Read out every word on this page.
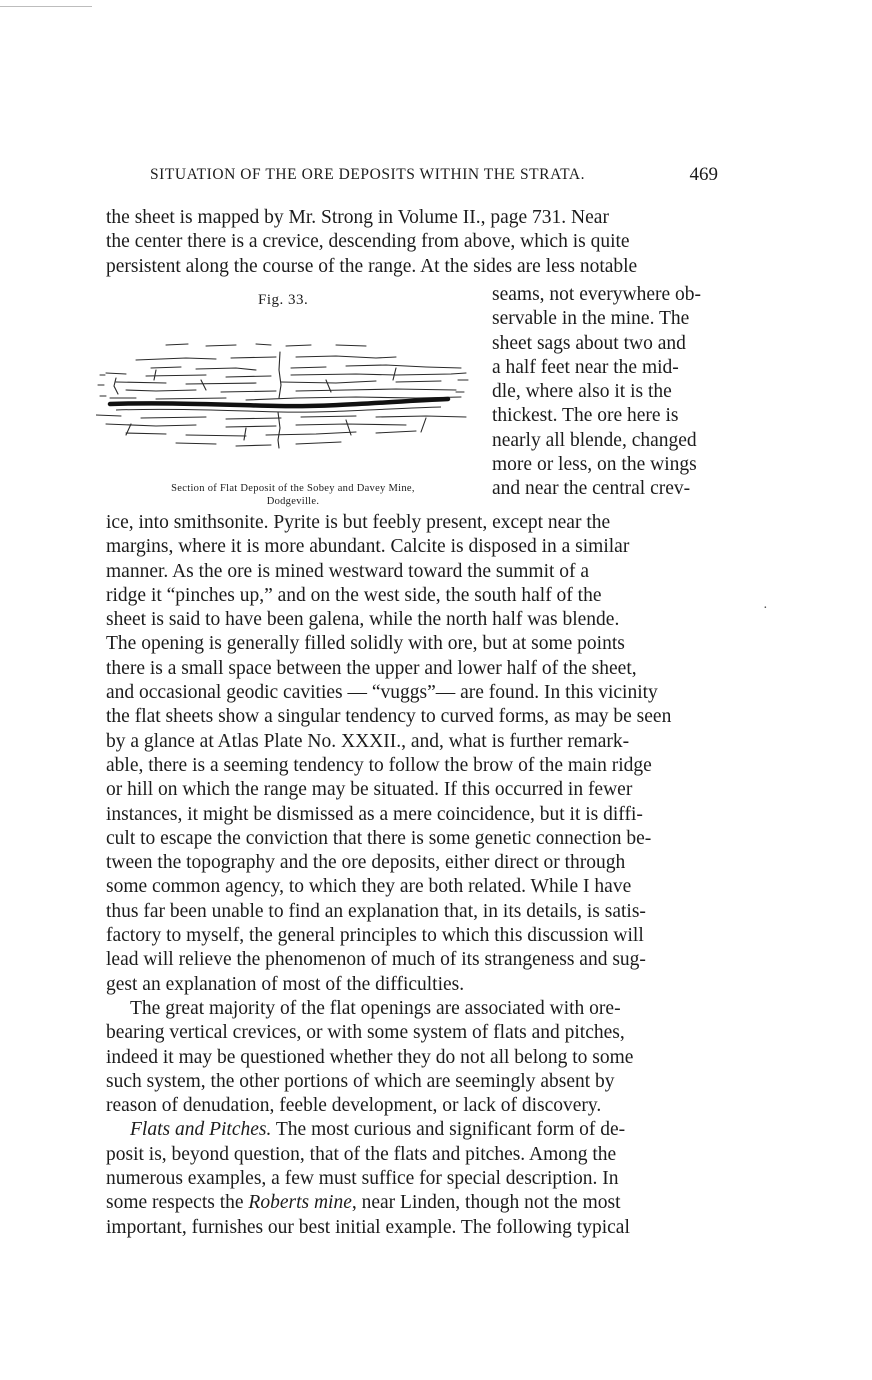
SITUATION OF THE ORE DEPOSITS WITHIN THE STRATA.	469
the sheet is mapped by Mr. Strong in Volume II., page 731. Near
the center there is a crevice, descending from above, which is quite
persistent along the course of the range. At the sides are less notable
Fig. 33.
Section of Flat Deposit of the Sobey and Davey Mine,
Dodgeville.
seams, not everywhere ob-
servable in the mine. The
sheet sags about two and
a half feet near the mid-
dle, where also it is the
thickest. The ore here is
nearly all blende, changed
more or less, on the wings
and near the central crev-
ice, into smithsonite. Pyrite is but feebly present, except near the
margins, where it is more abundant. Calcite is disposed in a similar
manner. As the ore is mined westward toward the summit of a
ridge it “pinches up,” and on the west side, the south half of the
sheet is said to have been galena, while the north half was blende.
The opening is generally filled solidly with ore, but at some points
there is a small space between the upper and lower half of the sheet,
and occasional geodic cavities — “vuggs”— are found. In this vicinity
the flat sheets show a singular tendency to curved forms, as may be seen
by a glance at Atlas Plate No. XXXII., and, what is further remark-
able, there is a seeming tendency to follow the brow of the main ridge
or hill on which the range may be situated. If this occurred in fewer
instances, it might be dismissed as a mere coincidence, but it is diffi-
cult to escape the conviction that there is some genetic connection be-
tween the topography and the ore deposits, either direct or through
some common agency, to which they are both related. While I have
thus far been unable to find an explanation that, in its details, is satis-
factory to myself, the general principles to which this discussion will
lead will relieve the phenomenon of much of its strangeness and sug-
gest an explanation of most of the difficulties.
The great majority of the flat openings are associated with ore-
bearing vertical crevices, or with some system of flats and pitches,
indeed it may be questioned whether they do not all belong to some
such system, the other portions of which are seemingly absent by
reason of denudation, feeble development, or lack of discovery.
Flats and Pitches. The most curious and significant form of de-
posit is, beyond question, that of the flats and pitches. Among the
numerous examples, a few must suffice for special description. In
some respects the Roberts mine, near Linden, though not the most
important, furnishes our best initial example. The following typical
·
